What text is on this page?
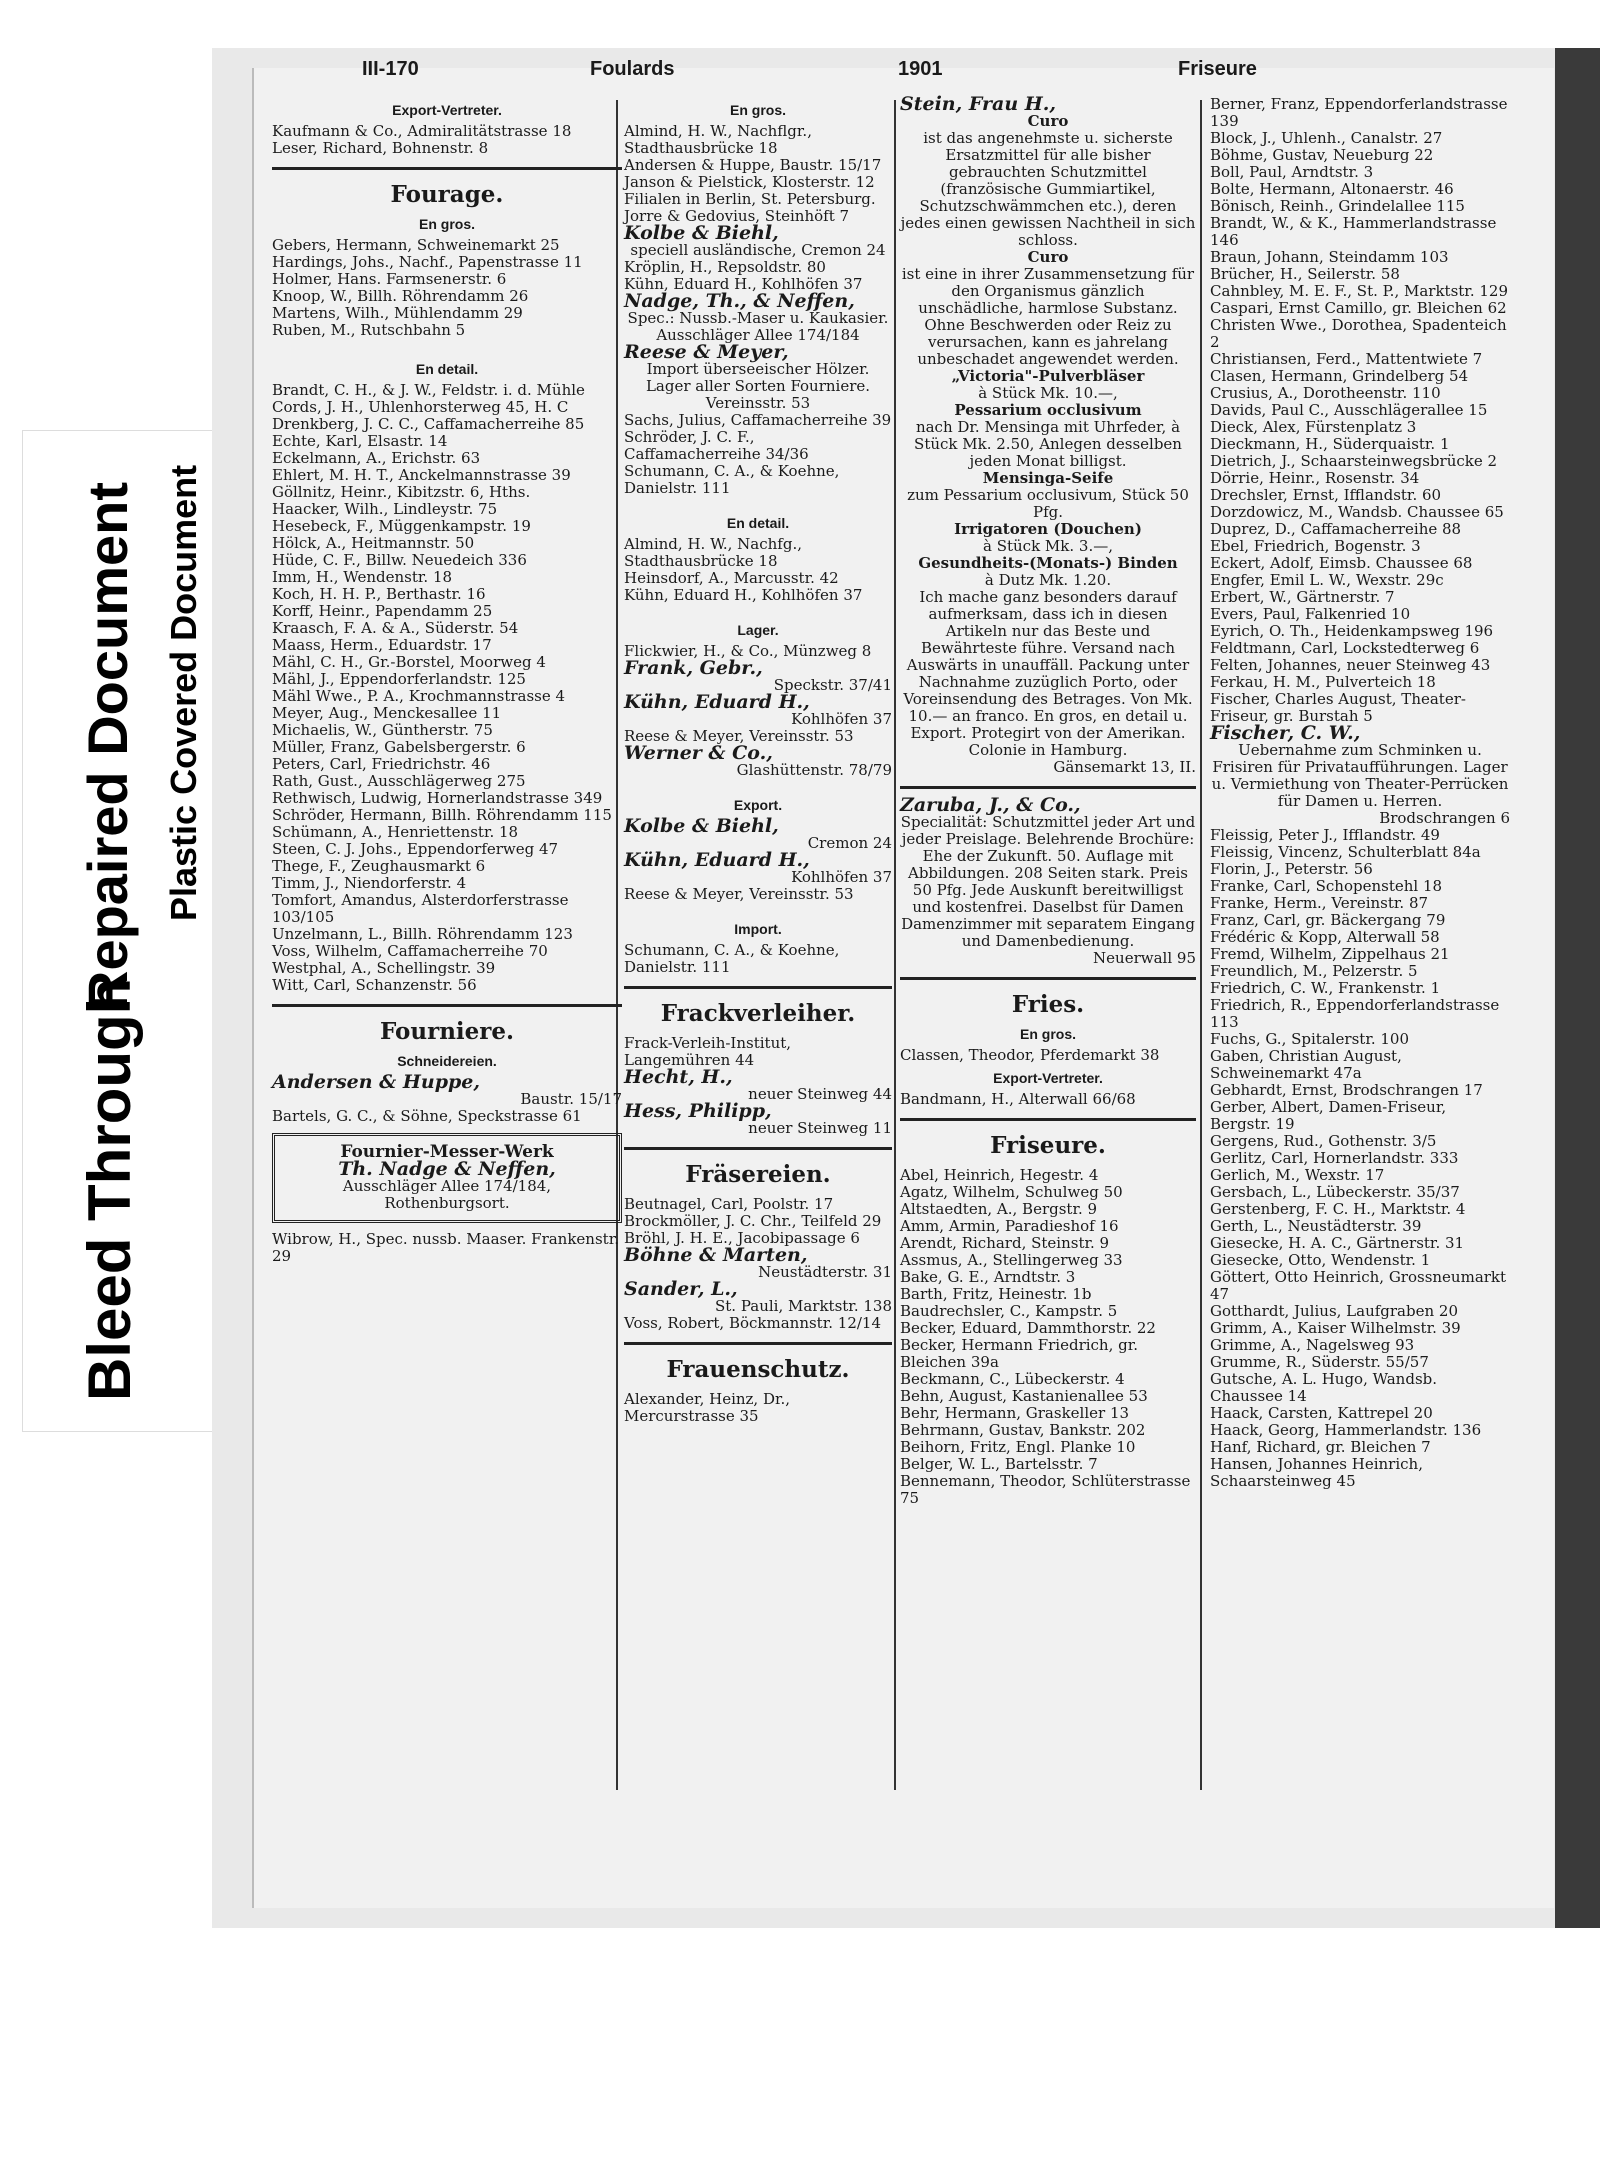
Bleed Through
Repaired Document Plastic Covered Document
III-170	Foulards	1901	Friseure
Export-Vertreter.
Kaufmann & Co., Admiralitätstrasse 18
Leser, Richard, Bohnenstr. 8
Fourage.
En gros.
Gebers, Hermann, Schweinemarkt 25
Hardings, Johs., Nachf., Papenstrasse 11
Holmer, Hans. Farmsenerstr. 6
Knoop, W., Billh. Röhrendamm 26
Martens, Wilh., Mühlendamm 29
Ruben, M., Rutschbahn 5
En detail.
Brandt, C. H., & J. W., Feldstr. i. d. Mühle
Cords, J. H., Uhlenhorsterweg 45, H. C
Drenkberg, J. C. C., Caffamacherreihe 85
Echte, Karl, Elsastr. 14
Eckelmann, A., Erichstr. 63
Ehlert, M. H. T., Anckelmannstrasse 39
Göllnitz, Heinr., Kibitzstr. 6, Hths.
Haacker, Wilh., Lindleystr. 75
Hesebeck, F., Müggenkampstr. 19
Hölck, A., Heitmannstr. 50
Hüde, C. F., Billw. Neuedeich 336
Imm, H., Wendenstr. 18
Koch, H. H. P., Berthastr. 16
Korff, Heinr., Papendamm 25
Kraasch, F. A. & A., Süderstr. 54
Maass, Herm., Eduardstr. 17
Mähl, C. H., Gr.-Borstel, Moorweg 4
Mähl, J., Eppendorferlandstr. 125
Mähl Wwe., P. A., Krochmannstrasse 4
Meyer, Aug., Menckesallee 11
Michaelis, W., Güntherstr. 75
Müller, Franz, Gabelsbergerstr. 6
Peters, Carl, Friedrichstr. 46
Rath, Gust., Ausschlägerweg 275
Rethwisch, Ludwig, Hornerlandstrasse 349
Schröder, Hermann, Billh. Röhrendamm 115
Schümann, A., Henriettenstr. 18
Steen, C. J. Johs., Eppendorferweg 47
Thege, F., Zeughausmarkt 6
Timm, J., Niendorferstr. 4
Tomfort, Amandus, Alsterdorferstrasse 103/105
Unzelmann, L., Billh. Röhrendamm 123
Voss, Wilhelm, Caffamacherreihe 70
Westphal, A., Schellingstr. 39
Witt, Carl, Schanzenstr. 56
Fourniere.
Schneidereien.
Andersen & Huppe,
Baustr. 15/17
Bartels, G. C., & Söhne, Speckstrasse 61
Fournier-Messer-Werk
Th. Nadge & Neffen,
Ausschläger Allee 174/184, Rothenburgsort.
Wibrow, H., Spec. nussb. Maaser. Frankenstr. 29
En gros.
Almind, H. W., Nachflgr., Stadthausbrücke 18
Andersen & Huppe, Baustr. 15/17
Janson & Pielstick, Klosterstr. 12 Filialen in Berlin, St. Petersburg.
Jorre & Gedovius, Steinhöft 7
Kolbe & Biehl,
speciell ausländische, Cremon 24
Kröplin, H., Repsoldstr. 80
Kühn, Eduard H., Kohlhöfen 37
Nadge, Th., & Neffen,
Spec.: Nussb.-Maser u. Kaukasier. Ausschläger Allee 174/184
Reese & Meyer,
Import überseeischer Hölzer. Lager aller Sorten Fourniere. Vereinsstr. 53
Sachs, Julius, Caffamacherreihe 39
Schröder, J. C. F., Caffamacherreihe 34/36
Schumann, C. A., & Koehne, Danielstr. 111
En detail.
Almind, H. W., Nachfg., Stadthausbrücke 18
Heinsdorf, A., Marcusstr. 42
Kühn, Eduard H., Kohlhöfen 37
Lager.
Flickwier, H., & Co., Münzweg 8
Frank, Gebr.,
Speckstr. 37/41
Kühn, Eduard H.,
Kohlhöfen 37
Reese & Meyer, Vereinsstr. 53
Werner & Co.,
Glashüttenstr. 78/79
Export.
Kolbe & Biehl,
Cremon 24
Kühn, Eduard H.,
Kohlhöfen 37
Reese & Meyer, Vereinsstr. 53
Import.
Schumann, C. A., & Koehne, Danielstr. 111
Frackverleiher.
Frack-Verleih-Institut, Langemühren 44
Hecht, H.,
neuer Steinweg 44
Hess, Philipp,
neuer Steinweg 11
Fräsereien.
Beutnagel, Carl, Poolstr. 17
Brockmöller, J. C. Chr., Teilfeld 29
Bröhl, J. H. E., Jacobipassage 6
Böhne & Marten,
Neustädterstr. 31
Sander, L.,
St. Pauli, Marktstr. 138
Voss, Robert, Böckmannstr. 12/14
Frauenschutz.
Alexander, Heinz, Dr., Mercurstrasse 35
Stein, Frau H.,
Curo
ist das angenehmste u. sicherste Ersatzmittel für alle bisher gebrauchten Schutzmittel (französische Gummiartikel, Schutzschwämmchen etc.), deren jedes einen gewissen Nachtheil in sich schloss.
Curo
ist eine in ihrer Zusammensetzung für den Organismus gänzlich unschädliche, harmlose Substanz. Ohne Beschwerden oder Reiz zu verursachen, kann es jahrelang unbeschadet angewendet werden.
„Victoria"-Pulverbläser
à Stück Mk. 10.—,
Pessarium occlusivum
nach Dr. Mensinga mit Uhrfeder, à Stück Mk. 2.50, Anlegen desselben jeden Monat billigst.
Mensinga-Seife
zum Pessarium occlusivum, Stück 50 Pfg.
Irrigatoren (Douchen)
à Stück Mk. 3.—,
Gesundheits-(Monats-) Binden
à Dutz Mk. 1.20.
Ich mache ganz besonders darauf aufmerksam, dass ich in diesen Artikeln nur das Beste und Bewährteste führe. Versand nach Auswärts in unauffäll. Packung unter Nachnahme zuzüglich Porto, oder Voreinsendung des Betrages. Von Mk. 10.— an franco. En gros, en detail u. Export. Protegirt von der Amerikan. Colonie in Hamburg.
Gänsemarkt 13, II.
Zaruba, J., & Co.,
Specialität: Schutzmittel jeder Art und jeder Preislage. Belehrende Brochüre: Ehe der Zukunft. 50. Auflage mit Abbildungen. 208 Seiten stark. Preis 50 Pfg. Jede Auskunft bereitwilligst und kostenfrei. Daselbst für Damen Damenzimmer mit separatem Eingang und Damenbedienung.
Neuerwall 95
Fries.
En gros.
Classen, Theodor, Pferdemarkt 38
Export-Vertreter.
Bandmann, H., Alterwall 66/68
Friseure.
Abel, Heinrich, Hegestr. 4
Agatz, Wilhelm, Schulweg 50
Altstaedten, A., Bergstr. 9
Amm, Armin, Paradieshof 16
Arendt, Richard, Steinstr. 9
Assmus, A., Stellingerweg 33
Bake, G. E., Arndtstr. 3
Barth, Fritz, Heinestr. 1b
Baudrechsler, C., Kampstr. 5
Becker, Eduard, Dammthorstr. 22
Becker, Hermann Friedrich, gr. Bleichen 39a
Beckmann, C., Lübeckerstr. 4
Behn, August, Kastanienallee 53
Behr, Hermann, Graskeller 13
Behrmann, Gustav, Bankstr. 202
Beihorn, Fritz, Engl. Planke 10
Belger, W. L., Bartelsstr. 7
Bennemann, Theodor, Schlüterstrasse 75
Berner, Franz, Eppendorferlandstrasse 139
Block, J., Uhlenh., Canalstr. 27
Böhme, Gustav, Neueburg 22
Boll, Paul, Arndtstr. 3
Bolte, Hermann, Altonaerstr. 46
Bönisch, Reinh., Grindelallee 115
Brandt, W., & K., Hammerlandstrasse 146
Braun, Johann, Steindamm 103
Brücher, H., Seilerstr. 58
Cahnbley, M. E. F., St. P., Marktstr. 129
Caspari, Ernst Camillo, gr. Bleichen 62
Christen Wwe., Dorothea, Spadenteich 2
Christiansen, Ferd., Mattentwiete 7
Clasen, Hermann, Grindelberg 54
Crusius, A., Dorotheenstr. 110
Davids, Paul C., Ausschlägerallee 15
Dieck, Alex, Fürstenplatz 3
Dieckmann, H., Süderquaistr. 1
Dietrich, J., Schaarsteinwegsbrücke 2
Dörrie, Heinr., Rosenstr. 34
Drechsler, Ernst, Ifflandstr. 60
Dorzdowicz, M., Wandsb. Chaussee 65
Duprez, D., Caffamacherreihe 88
Ebel, Friedrich, Bogenstr. 3
Eckert, Adolf, Eimsb. Chaussee 68
Engfer, Emil L. W., Wexstr. 29c
Erbert, W., Gärtnerstr. 7
Evers, Paul, Falkenried 10
Eyrich, O. Th., Heidenkampsweg 196
Feldtmann, Carl, Lockstedterweg 6
Felten, Johannes, neuer Steinweg 43
Ferkau, H. M., Pulverteich 18
Fischer, Charles August, Theater-Friseur, gr. Burstah 5
Fischer, C. W.,
Uebernahme zum Schminken u. Frisiren für Privataufführungen. Lager u. Vermiethung von Theater-Perrücken für Damen u. Herren.
Brodschrangen 6
Fleissig, Peter J., Ifflandstr. 49
Fleissig, Vincenz, Schulterblatt 84a
Florin, J., Peterstr. 56
Franke, Carl, Schopenstehl 18
Franke, Herm., Vereinstr. 87
Franz, Carl, gr. Bäckergang 79
Frédéric & Kopp, Alterwall 58
Fremd, Wilhelm, Zippelhaus 21
Freundlich, M., Pelzerstr. 5
Friedrich, C. W., Frankenstr. 1
Friedrich, R., Eppendorferlandstrasse 113
Fuchs, G., Spitalerstr. 100
Gaben, Christian August, Schweinemarkt 47a
Gebhardt, Ernst, Brodschrangen 17
Gerber, Albert, Damen-Friseur, Bergstr. 19
Gergens, Rud., Gothenstr. 3/5
Gerlitz, Carl, Hornerlandstr. 333
Gerlich, M., Wexstr. 17
Gersbach, L., Lübeckerstr. 35/37
Gerstenberg, F. C. H., Marktstr. 4
Gerth, L., Neustädterstr. 39
Giesecke, H. A. C., Gärtnerstr. 31
Giesecke, Otto, Wendenstr. 1
Göttert, Otto Heinrich, Grossneumarkt 47
Gotthardt, Julius, Laufgraben 20
Grimm, A., Kaiser Wilhelmstr. 39
Grimme, A., Nagelsweg 93
Grumme, R., Süderstr. 55/57
Gutsche, A. L. Hugo, Wandsb. Chaussee 14
Haack, Carsten, Kattrepel 20
Haack, Georg, Hammerlandstr. 136
Hanf, Richard, gr. Bleichen 7
Hansen, Johannes Heinrich, Schaarsteinweg 45
